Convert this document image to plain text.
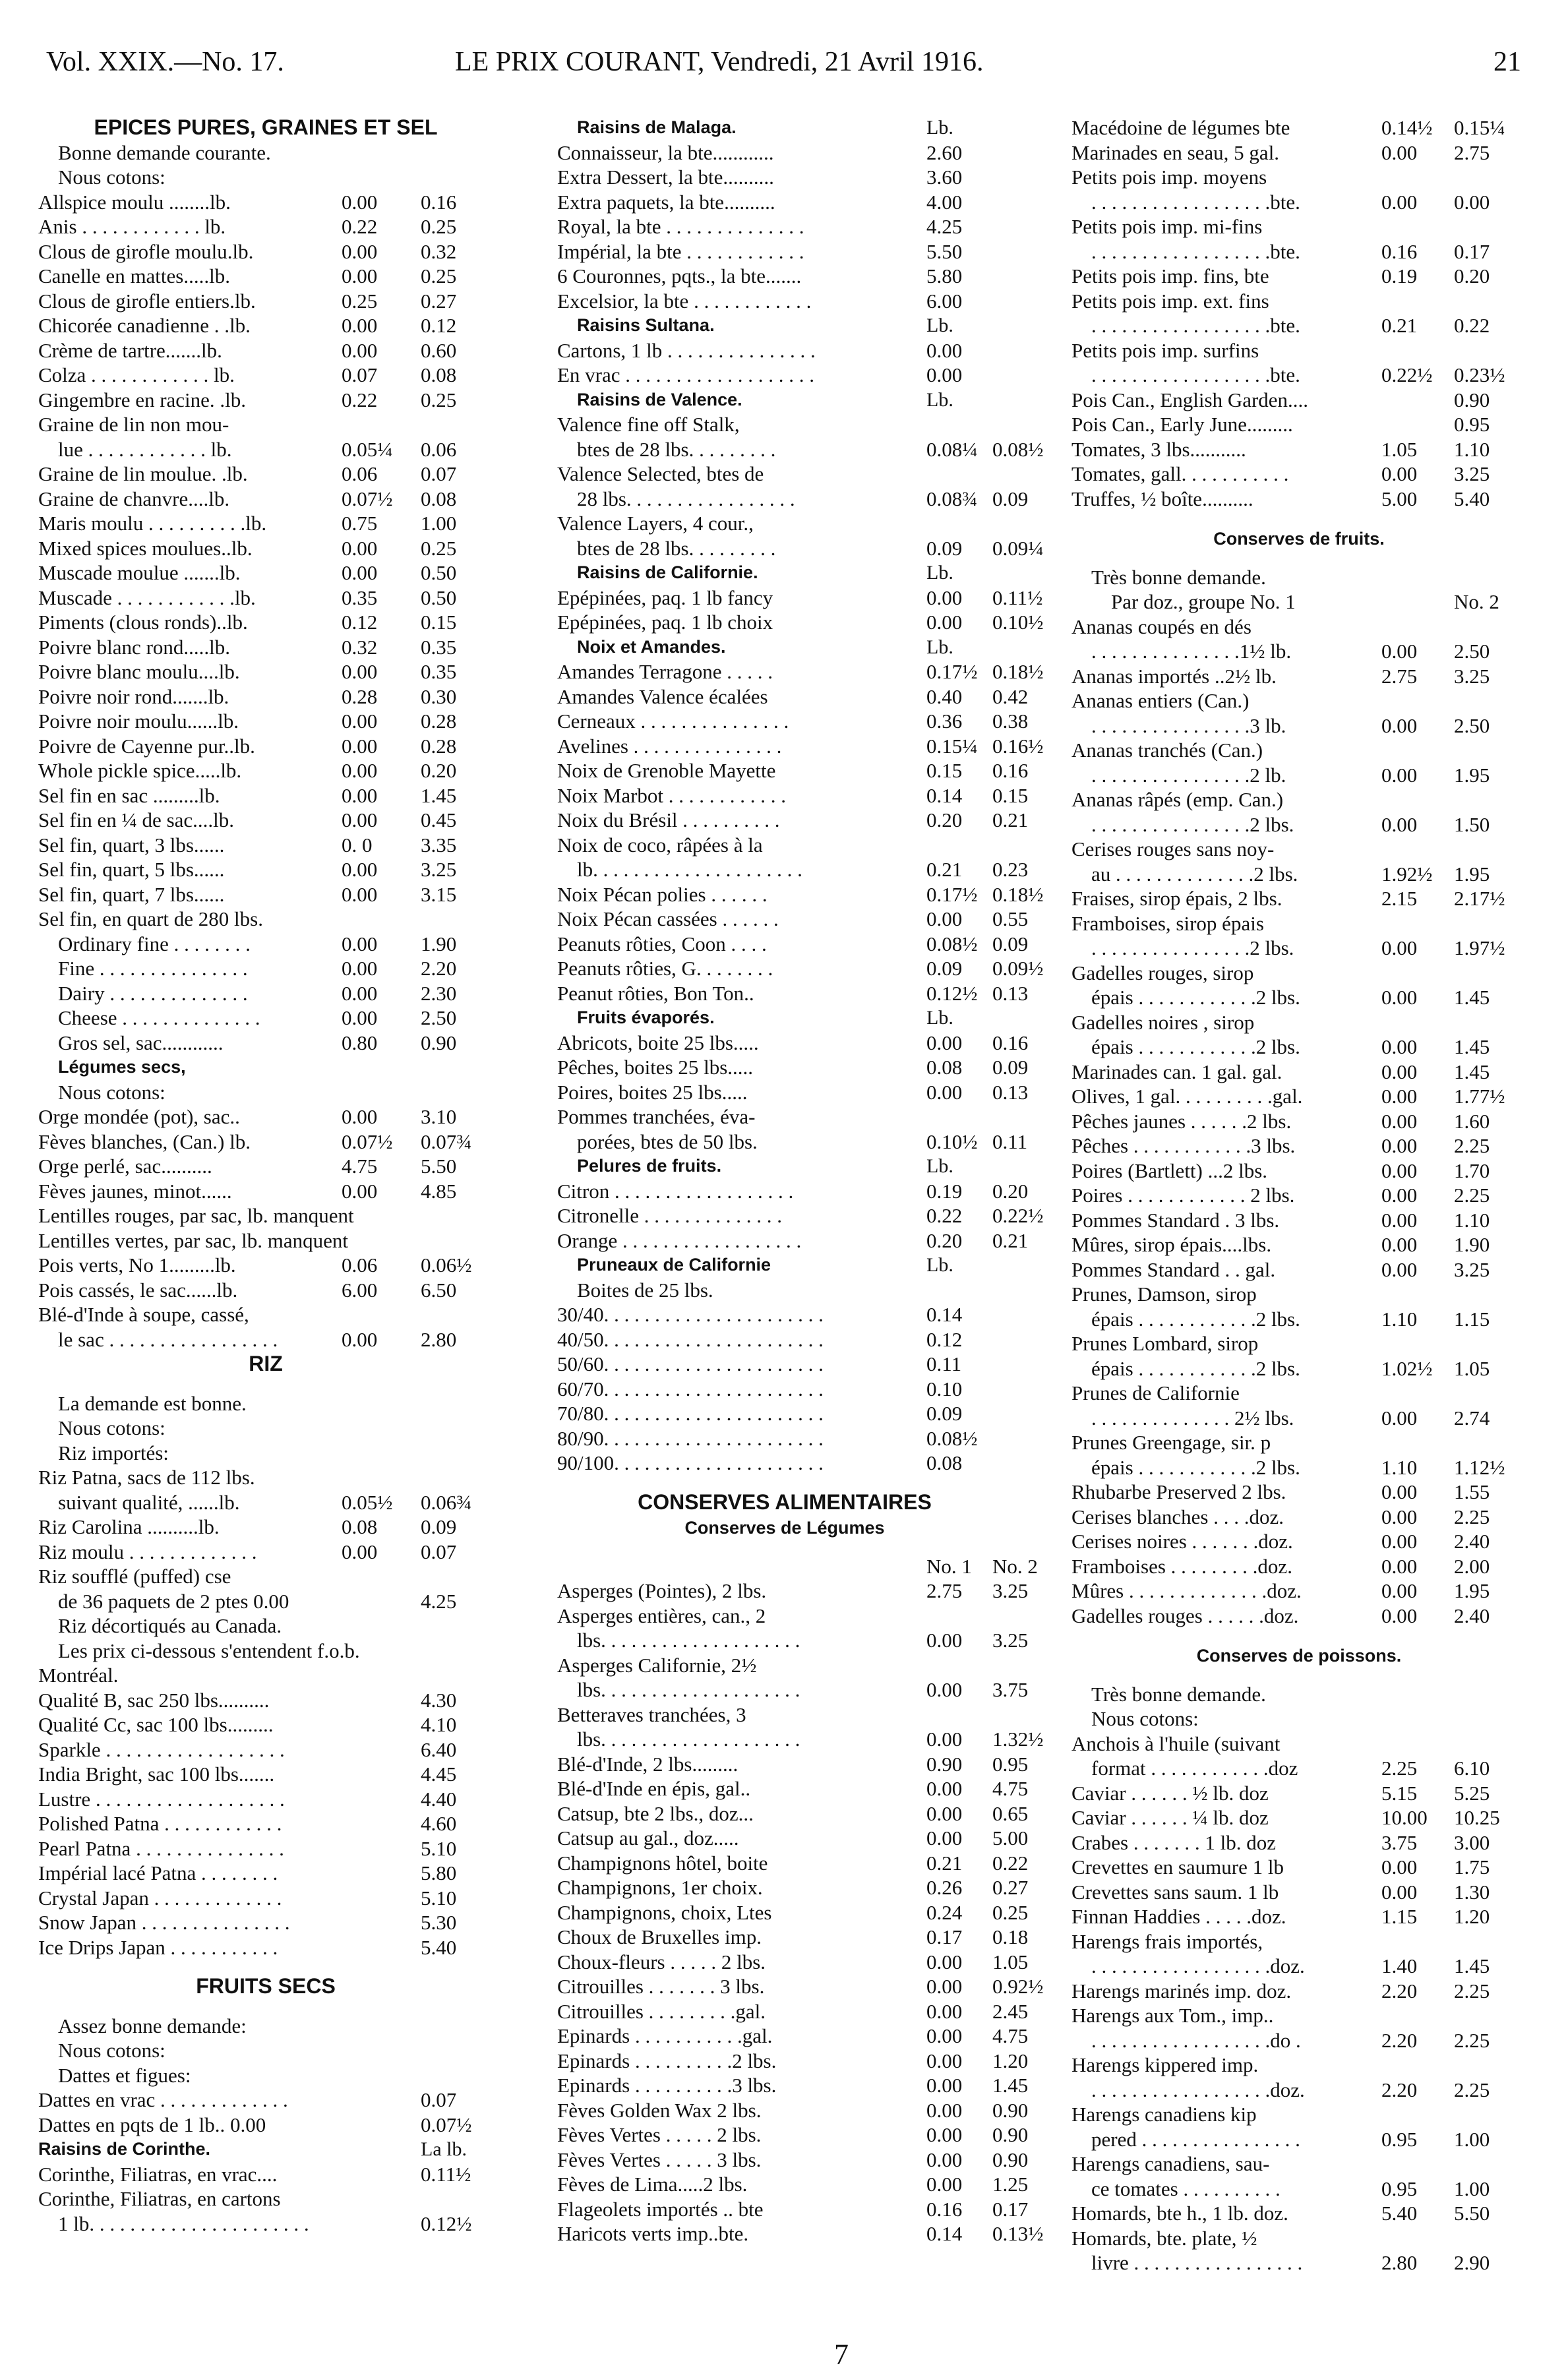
Vol. XXIX.—No. 17.	LE PRIX COURANT, Vendredi, 21 Avril 1916.	21
EPICES PURES, GRAINES ET SEL
Bonne demande courante.
Nous cotons:
Allspice moulu ........lb.	0.00 0.16
Anis . . . . . . . . . . . . lb.	0.22 0.25
Clous de girofle moulu.lb.	0.00 0.32
Canelle en mattes.....lb.	0.00 0.25
Clous de girofle entiers.lb.	0.25 0.27
Chicorée canadienne . .lb.	0.00 0.12
Crème de tartre.......lb.	0.00 0.60
Colza . . . . . . . . . . . . lb.	0.07 0.08
Gingembre en racine. .lb.	0.22 0.25
Graine de lin non mou-
lue . . . . . . . . . . . . lb.	0.05¼ 0.06
Graine de lin moulue. .lb.	0.06 0.07
Graine de chanvre....lb.	0.07½ 0.08
Maris moulu . . . . . . . . . .lb.	0.75 1.00
Mixed spices moulues..lb.	0.00 0.25
Muscade moulue .......lb.	0.00 0.50
Muscade . . . . . . . . . . . .lb.	0.35 0.50
Piments (clous ronds)..lb.	0.12 0.15
Poivre blanc rond.....lb.	0.32 0.35
Poivre blanc moulu....lb.	0.00 0.35
Poivre noir rond.......lb.	0.28 0.30
Poivre noir moulu......lb.	0.00 0.28
Poivre de Cayenne pur..lb.	0.00 0.28
Whole pickle spice.....lb.	0.00 0.20
Sel fin en sac .........lb.	0.00 1.45
Sel fin en ¼ de sac....lb.	0.00 0.45
Sel fin, quart, 3 lbs......	0. 0 3.35
Sel fin, quart, 5 lbs......	0.00 3.25
Sel fin, quart, 7 lbs......	0.00 3.15
Sel fin, en quart de 280 lbs.
Ordinary fine . . . . . . . .	0.00 1.90
Fine . . . . . . . . . . . . . . .	0.00 2.20
Dairy . . . . . . . . . . . . . .	0.00 2.30
Cheese . . . . . . . . . . . . . .	0.00 2.50
Gros sel, sac............	0.80 0.90
Légumes secs,
Nous cotons:
Orge mondée (pot), sac..	0.00 3.10
Fèves blanches, (Can.) lb.	0.07½ 0.07¾
Orge perlé, sac..........	4.75 5.50
Fèves jaunes, minot......	0.00 4.85
Lentilles rouges, par sac, lb. manquent
Lentilles vertes, par sac, lb. manquent
Pois verts, No 1.........lb.	0.06 0.06½
Pois cassés, le sac......lb.	6.00 6.50
Blé-d'Inde à soupe, cassé,
le sac . . . . . . . . . . . . . . . . .	0.00 2.80
RIZ
La demande est bonne.
Nous cotons:
Riz importés:
Riz Patna, sacs de 112 lbs.
suivant qualité, ......lb.	0.05½ 0.06¾
Riz Carolina ..........lb.	0.08 0.09
Riz moulu . . . . . . . . . . . . .	0.00 0.07
Riz soufflé (puffed) cse
de 36 paquets de 2 ptes 0.00	4.25
Riz décortiqués au Canada.
Les prix ci-dessous s'entendent f.o.b.
Montréal.
Qualité B, sac 250 lbs..........	4.30
Qualité Cc, sac 100 lbs.........	4.10
Sparkle . . . . . . . . . . . . . . . . . .	6.40
India Bright, sac 100 lbs.......	4.45
Lustre . . . . . . . . . . . . . . . . . . .	4.40
Polished Patna . . . . . . . . . . . .	4.60
Pearl Patna . . . . . . . . . . . . . . .	5.10
Impérial lacé Patna . . . . . . . .	5.80
Crystal Japan . . . . . . . . . . . . .	5.10
Snow Japan . . . . . . . . . . . . . . .	5.30
Ice Drips Japan . . . . . . . . . . .	5.40
FRUITS SECS
Assez bonne demande:
Nous cotons:
Dattes et figues:
Dattes en vrac . . . . . . . . . . . . .	0.07
Dattes en pqts de 1 lb.. 0.00	0.07½
Raisins de Corinthe.	La lb.
Corinthe, Filiatras, en vrac....	0.11½
Corinthe, Filiatras, en cartons
1 lb. . . . . . . . . . . . . . . . . . . . . .	0.12½
Raisins de Malaga.	Lb.
Connaisseur, la bte............	2.60
Extra Dessert, la bte..........	3.60
Extra paquets, la bte..........	4.00
Royal, la bte . . . . . . . . . . . . . .	4.25
Impérial, la bte . . . . . . . . . . . .	5.50
6 Couronnes, pqts., la bte.......	5.80
Excelsior, la bte . . . . . . . . . . . .	6.00
Raisins Sultana.	Lb.
Cartons, 1 lb . . . . . . . . . . . . . . .	0.00
En vrac . . . . . . . . . . . . . . . . . . .	0.00
Raisins de Valence.	Lb.
Valence fine off Stalk,
btes de 28 lbs. . . . . . . . .	0.08¼ 0.08½
Valence Selected, btes de
28 lbs. . . . . . . . . . . . . . . . .	0.08¾ 0.09
Valence Layers, 4 cour.,
btes de 28 lbs. . . . . . . . .	0.09 0.09¼
Raisins de Californie.	Lb.
Epépinées, paq. 1 lb fancy	0.00 0.11½
Epépinées, paq. 1 lb choix	0.00 0.10½
Noix et Amandes.	Lb.
Amandes Terragone . . . . .	0.17½ 0.18½
Amandes Valence écalées	0.40 0.42
Cerneaux . . . . . . . . . . . . . . .	0.36 0.38
Avelines . . . . . . . . . . . . . . .	0.15¼ 0.16½
Noix de Grenoble Mayette	0.15 0.16
Noix Marbot . . . . . . . . . . . .	0.14 0.15
Noix du Brésil . . . . . . . . . .	0.20 0.21
Noix de coco, râpées à la
lb. . . . . . . . . . . . . . . . . . . . .	0.21 0.23
Noix Pécan polies . . . . . .	0.17½ 0.18½
Noix Pécan cassées . . . . . .	0.00 0.55
Peanuts rôties, Coon . . . .	0.08½ 0.09
Peanuts rôties, G. . . . . . . .	0.09 0.09½
Peanut rôties, Bon Ton..	0.12½ 0.13
Fruits évaporés.	Lb.
Abricots, boite 25 lbs.....	0.00 0.16
Pêches, boites 25 lbs.....	0.08 0.09
Poires, boites 25 lbs.....	0.00 0.13
Pommes tranchées, éva-
porées, btes de 50 lbs.	0.10½ 0.11
Pelures de fruits.	Lb.
Citron . . . . . . . . . . . . . . . . . .	0.19 0.20
Citronelle . . . . . . . . . . . . . .	0.22 0.22½
Orange . . . . . . . . . . . . . . . . . .	0.20 0.21
Pruneaux de Californie	Lb.
Boites de 25 lbs.
30/40. . . . . . . . . . . . . . . . . . . . . .	0.14
40/50. . . . . . . . . . . . . . . . . . . . . .	0.12
50/60. . . . . . . . . . . . . . . . . . . . . .	0.11
60/70. . . . . . . . . . . . . . . . . . . . . .	0.10
70/80. . . . . . . . . . . . . . . . . . . . . .	0.09
80/90. . . . . . . . . . . . . . . . . . . . . .	0.08½
90/100. . . . . . . . . . . . . . . . . . . . .	0.08
CONSERVES ALIMENTAIRES
Conserves de Légumes
No. 1 No. 2
Asperges (Pointes), 2 lbs.	2.75 3.25
Asperges entières, can., 2
lbs. . . . . . . . . . . . . . . . . . . .	0.00 3.25
Asperges Californie, 2½
lbs. . . . . . . . . . . . . . . . . . . .	0.00 3.75
Betteraves tranchées, 3
lbs. . . . . . . . . . . . . . . . . . . .	0.00 1.32½
Blé-d'Inde, 2 lbs.........	0.90 0.95
Blé-d'Inde en épis, gal..	0.00 4.75
Catsup, bte 2 lbs., doz...	0.00 0.65
Catsup au gal., doz.....	0.00 5.00
Champignons hôtel, boite	0.21 0.22
Champignons, 1er choix.	0.26 0.27
Champignons, choix, Ltes	0.24 0.25
Choux de Bruxelles imp.	0.17 0.18
Choux-fleurs . . . . . 2 lbs.	0.00 1.05
Citrouilles . . . . . . . 3 lbs.	0.00 0.92½
Citrouilles . . . . . . . . .gal.	0.00 2.45
Epinards . . . . . . . . . . .gal.	0.00 4.75
Epinards . . . . . . . . . .2 lbs.	0.00 1.20
Epinards . . . . . . . . . .3 lbs.	0.00 1.45
Fèves Golden Wax 2 lbs.	0.00 0.90
Fèves Vertes . . . . . 2 lbs.	0.00 0.90
Fèves Vertes . . . . . 3 lbs.	0.00 0.90
Fèves de Lima.....2 lbs.	0.00 1.25
Flageolets importés .. bte	0.16 0.17
Haricots verts imp..bte.	0.14 0.13½
Macédoine de légumes bte	0.14½ 0.15¼
Marinades en seau, 5 gal.	0.00 2.75
Petits pois imp. moyens
. . . . . . . . . . . . . . . . . .bte.	0.00 0.00
Petits pois imp. mi-fins
. . . . . . . . . . . . . . . . . .bte.	0.16 0.17
Petits pois imp. fins, bte	0.19 0.20
Petits pois imp. ext. fins
. . . . . . . . . . . . . . . . . .bte.	0.21 0.22
Petits pois imp. surfins
. . . . . . . . . . . . . . . . . .bte.	0.22½ 0.23½
Pois Can., English Garden....	0.90
Pois Can., Early June.........	0.95
Tomates, 3 lbs...........	1.05 1.10
Tomates, gall. . . . . . . . . . .	0.00 3.25
Truffes, ½ boîte..........	5.00 5.40
Conserves de fruits.
Très bonne demande.
Par doz., groupe No. 1	No. 2
Ananas coupés en dés
. . . . . . . . . . . . . . .1½ lb.	0.00 2.50
Ananas importés ..2½ lb.	2.75 3.25
Ananas entiers (Can.)
. . . . . . . . . . . . . . . .3 lb.	0.00 2.50
Ananas tranchés (Can.)
. . . . . . . . . . . . . . . .2 lb.	0.00 1.95
Ananas râpés (emp. Can.)
. . . . . . . . . . . . . . . .2 lbs.	0.00 1.50
Cerises rouges sans noy-
au . . . . . . . . . . . . . .2 lbs.	1.92½ 1.95
Fraises, sirop épais, 2 lbs.	2.15 2.17½
Framboises, sirop épais
. . . . . . . . . . . . . . . .2 lbs.	0.00 1.97½
Gadelles rouges, sirop
épais . . . . . . . . . . . .2 lbs.	0.00 1.45
Gadelles noires , sirop
épais . . . . . . . . . . . .2 lbs.	0.00 1.45
Marinades can. 1 gal. gal.	0.00 1.45
Olives, 1 gal. . . . . . . . . .gal.	0.00 1.77½
Pêches jaunes . . . . . .2 lbs.	0.00 1.60
Pêches . . . . . . . . . . . .3 lbs.	0.00 2.25
Poires (Bartlett) ...2 lbs.	0.00 1.70
Poires . . . . . . . . . . . . 2 lbs.	0.00 2.25
Pommes Standard . 3 lbs.	0.00 1.10
Mûres, sirop épais....lbs.	0.00 1.90
Pommes Standard . . gal.	0.00 3.25
Prunes, Damson, sirop
épais . . . . . . . . . . . .2 lbs.	1.10 1.15
Prunes Lombard, sirop
épais . . . . . . . . . . . .2 lbs.	1.02½ 1.05
Prunes de Californie
. . . . . . . . . . . . . . 2½ lbs.	0.00 2.74
Prunes Greengage, sir. p
épais . . . . . . . . . . . .2 lbs.	1.10 1.12½
Rhubarbe Preserved 2 lbs.	0.00 1.55
Cerises blanches . . . .doz.	0.00 2.25
Cerises noires . . . . . . .doz.	0.00 2.40
Framboises . . . . . . . . .doz.	0.00 2.00
Mûres . . . . . . . . . . . . . .doz.	0.00 1.95
Gadelles rouges . . . . . .doz.	0.00 2.40
Conserves de poissons.
Très bonne demande.
Nous cotons:
Anchois à l'huile (suivant
format . . . . . . . . . . . .doz	2.25 6.10
Caviar . . . . . . ½ lb. doz	5.15 5.25
Caviar . . . . . . ¼ lb. doz	10.00 10.25
Crabes . . . . . . . 1 lb. doz	3.75 3.00
Crevettes en saumure 1 lb	0.00 1.75
Crevettes sans saum. 1 lb	0.00 1.30
Finnan Haddies . . . . .doz.	1.15 1.20
Harengs frais importés,
. . . . . . . . . . . . . . . . . .doz.	1.40 1.45
Harengs marinés imp. doz.	2.20 2.25
Harengs aux Tom., imp..
. . . . . . . . . . . . . . . . . .do .	2.20 2.25
Harengs kippered imp.
. . . . . . . . . . . . . . . . . .doz.	2.20 2.25
Harengs canadiens kip
pered . . . . . . . . . . . . . . . .	0.95 1.00
Harengs canadiens, sau-
ce tomates . . . . . . . . . .	0.95 1.00
Homards, bte h., 1 lb. doz.	5.40 5.50
Homards, bte. plate, ½
livre . . . . . . . . . . . . . . . . .	2.80 2.90
7
